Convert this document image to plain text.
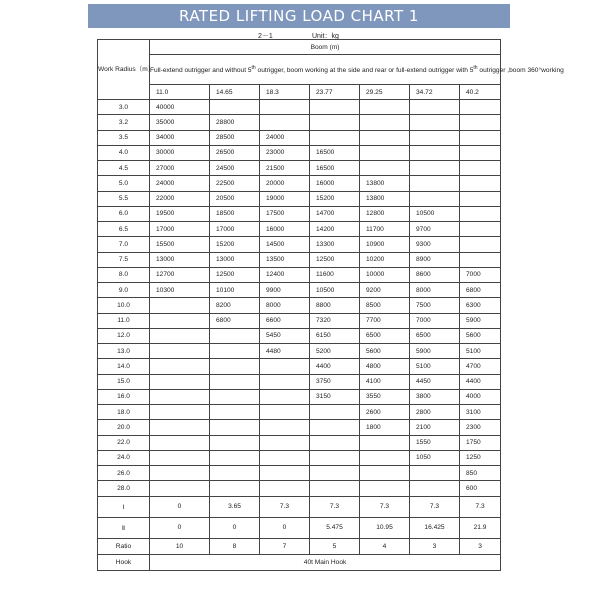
RATED LIFTING LOAD CHART 1
2－1	Unit：kg
Work Radius（m）	Boom (m)						
	Full-extend outrigger and without 5th outrigger, boom working at the side and rear or full-extend outrigger with 5th outrigger ,boom 360°working						
	11.0	14.65	18.3	23.77	29.25	34.72	40.2
3.0	40000						
3.2	35000	28800					
3.5	34000	28500	24000				
4.0	30000	26500	23000	16500			
4.5	27000	24500	21500	16500			
5.0	24000	22500	20000	16000	13800		
5.5	22000	20500	19000	15200	13800		
6.0	19500	18500	17500	14700	12800	10500	
6.5	17000	17000	16000	14200	11700	9700	
7.0	15500	15200	14500	13300	10900	9300	
7.5	13000	13000	13500	12500	10200	8900	
8.0	12700	12500	12400	11600	10000	8600	7000
9.0	10300	10100	9900	10500	9200	8000	6800
10.0		8200	8000	8800	8500	7500	6300
11.0		6800	6600	7320	7700	7000	5900
12.0			5450	6150	6500	6500	5600
13.0			4480	5200	5600	5900	5100
14.0				4400	4800	5100	4700
15.0				3750	4100	4450	4400
16.0				3150	3550	3800	4000
18.0					2600	2800	3100
20.0					1800	2100	2300
22.0						1550	1750
24.0						1050	1250
26.0							850
28.0							600
Ⅰ	0	3.65	7.3	7.3	7.3	7.3	7.3
Ⅱ	0	0	0	5.475	10.95	16.425	21.9
Ratio	10	8	7	5	4	3	3
Hook	40t Main Hook						
